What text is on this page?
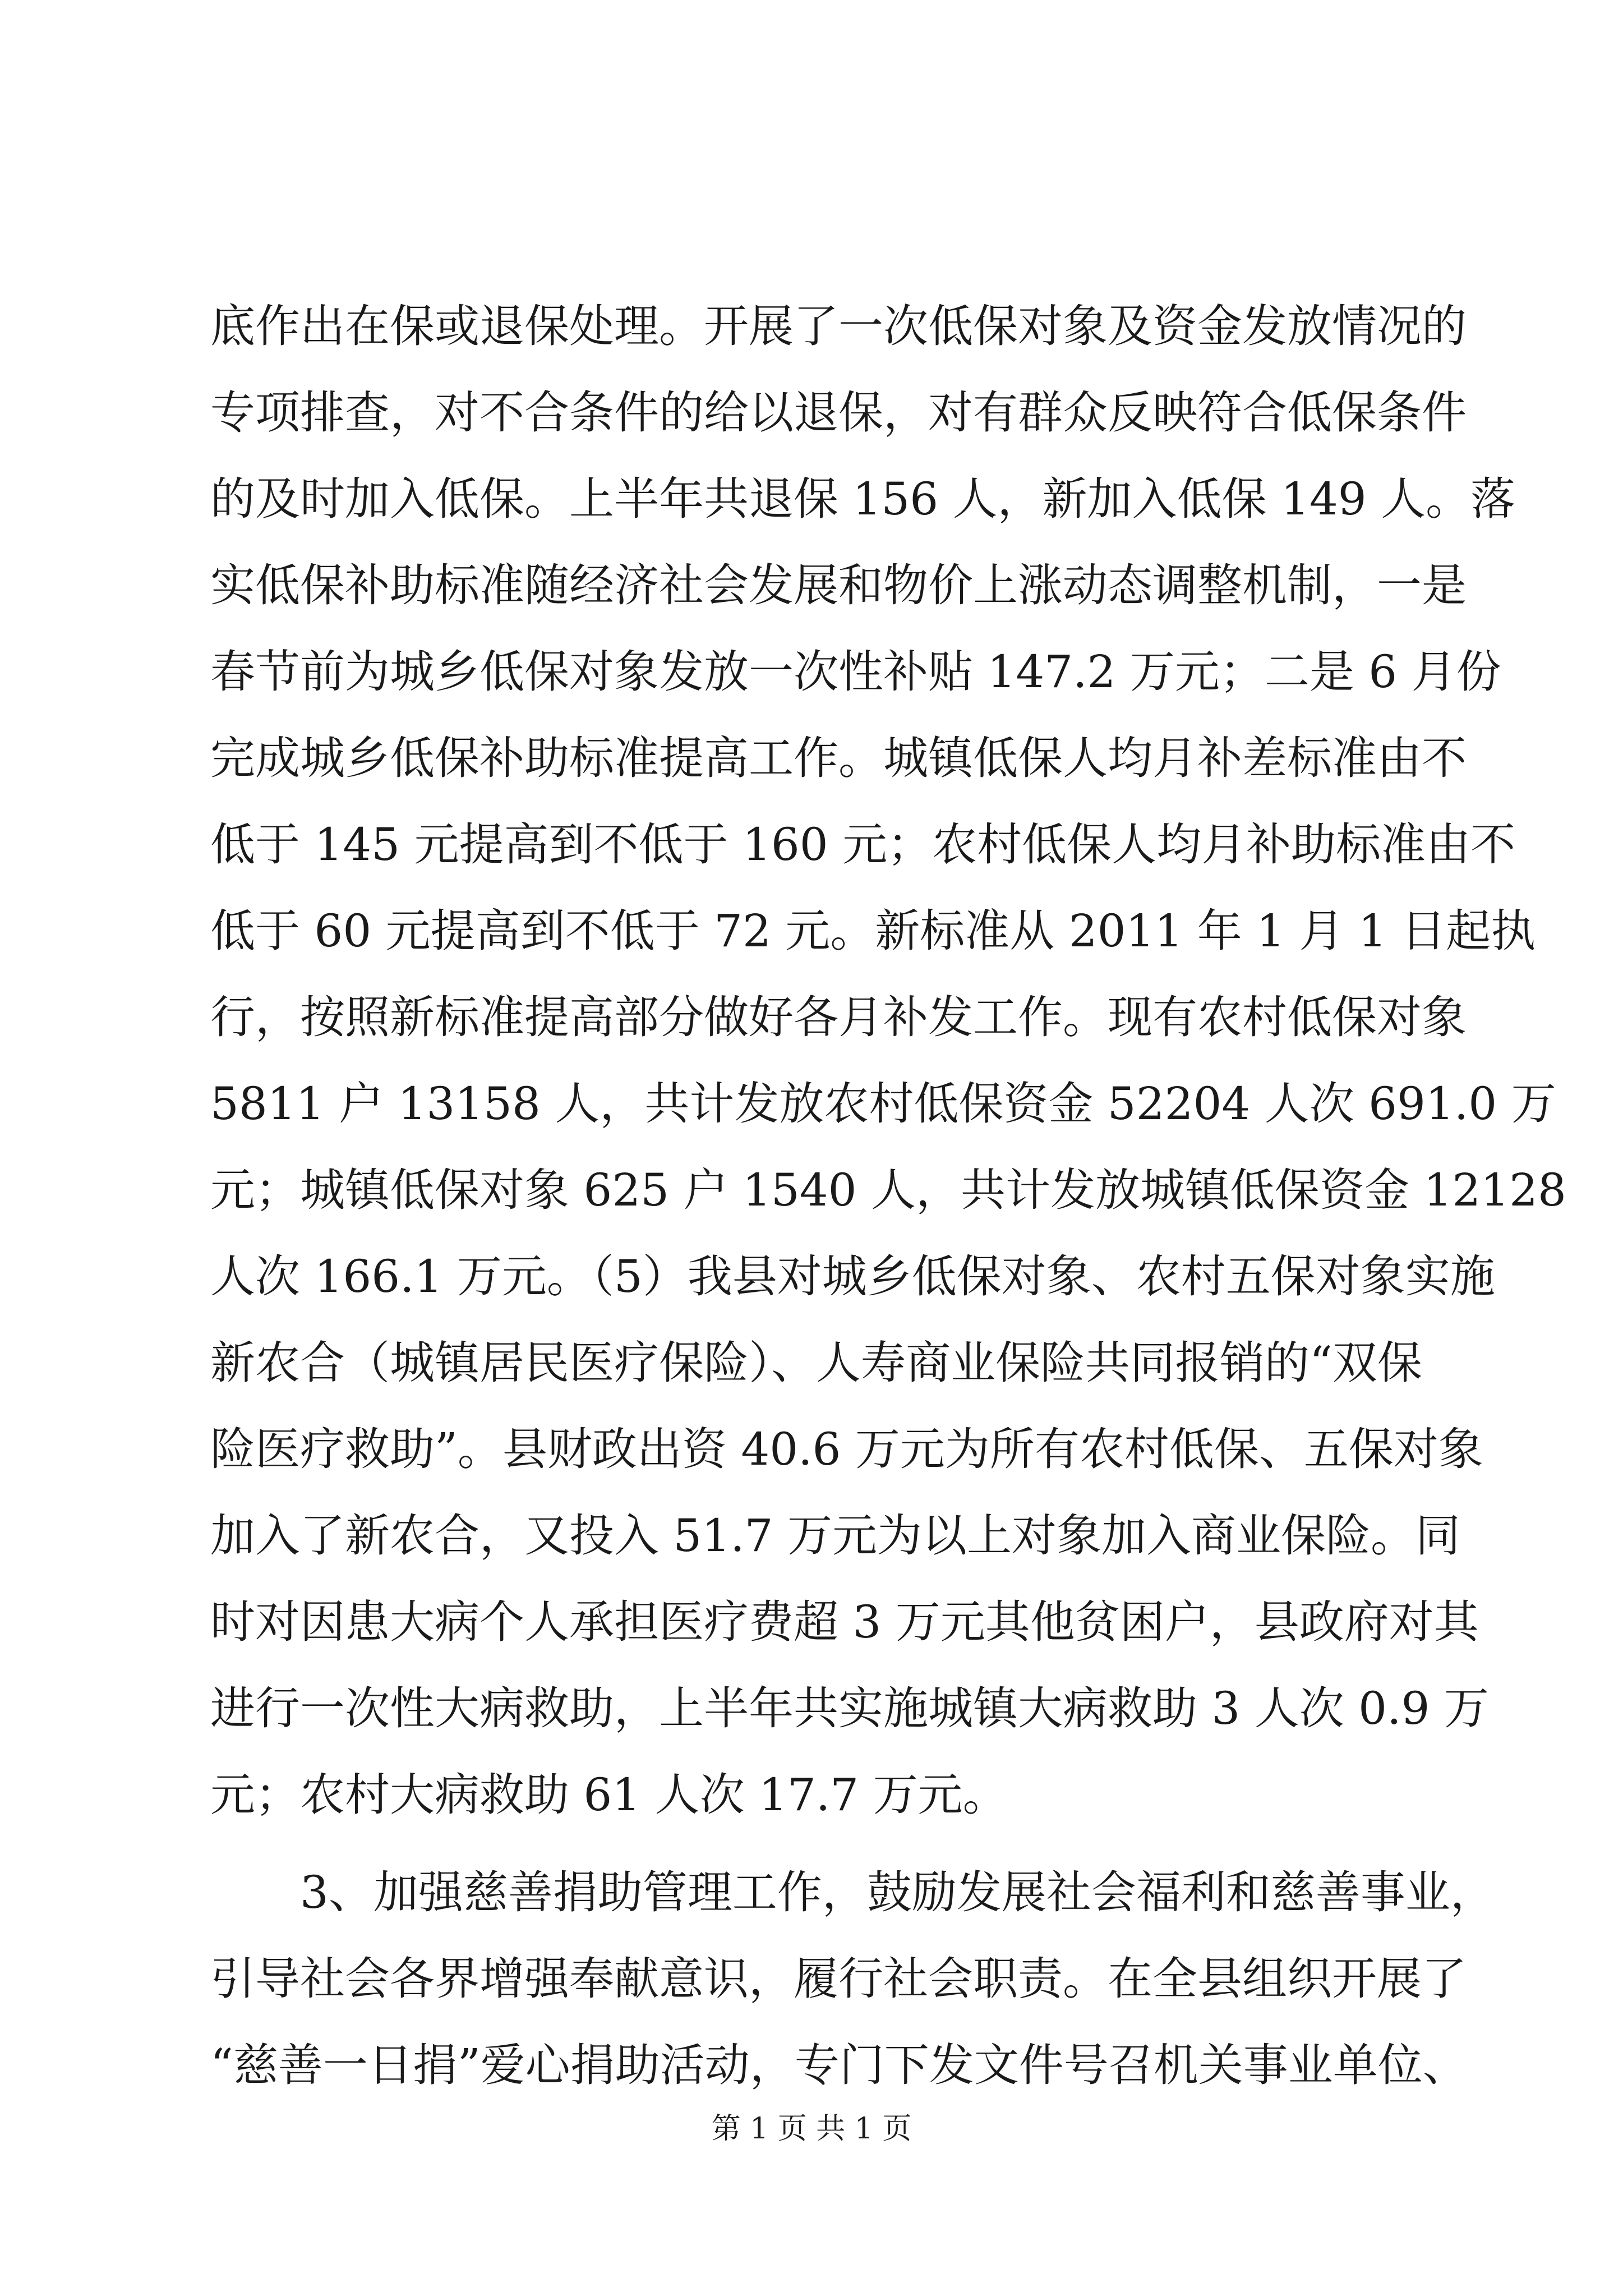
底作出在保或退保处理。开展了一次低保对象及资金发放情况的
专项排查，对不合条件的给以退保，对有群众反映符合低保条件
的及时加入低保。上半年共退保 156 人，新加入低保 149 人。落
实低保补助标准随经济社会发展和物价上涨动态调整机制，一是
春节前为城乡低保对象发放一次性补贴 147.2 万元；二是 6 月份
完成城乡低保补助标准提高工作。城镇低保人均月补差标准由不
低于 145 元提高到不低于 160 元；农村低保人均月补助标准由不
低于 60 元提高到不低于 72 元。新标准从 2011 年 1 月 1 日起执
行，按照新标准提高部分做好各月补发工作。现有农村低保对象
5811 户 13158 人，共计发放农村低保资金 52204 人次 691.0 万
元；城镇低保对象 625 户 1540 人，共计发放城镇低保资金 12128
人次 166.1 万元。（5）我县对城乡低保对象、农村五保对象实施
新农合（城镇居民医疗保险）、人寿商业保险共同报销的“双保
险医疗救助”。县财政出资 40.6 万元为所有农村低保、五保对象
加入了新农合，又投入 51.7 万元为以上对象加入商业保险。同
时对因患大病个人承担医疗费超 3 万元其他贫困户，县政府对其
进行一次性大病救助，上半年共实施城镇大病救助 3 人次 0.9 万
元；农村大病救助 61 人次 17.7 万元。
3、加强慈善捐助管理工作，鼓励发展社会福利和慈善事业，
引导社会各界增强奉献意识，履行社会职责。在全县组织开展了
“慈善一日捐”爱心捐助活动，专门下发文件号召机关事业单位、
第 1 页 共 1 页
